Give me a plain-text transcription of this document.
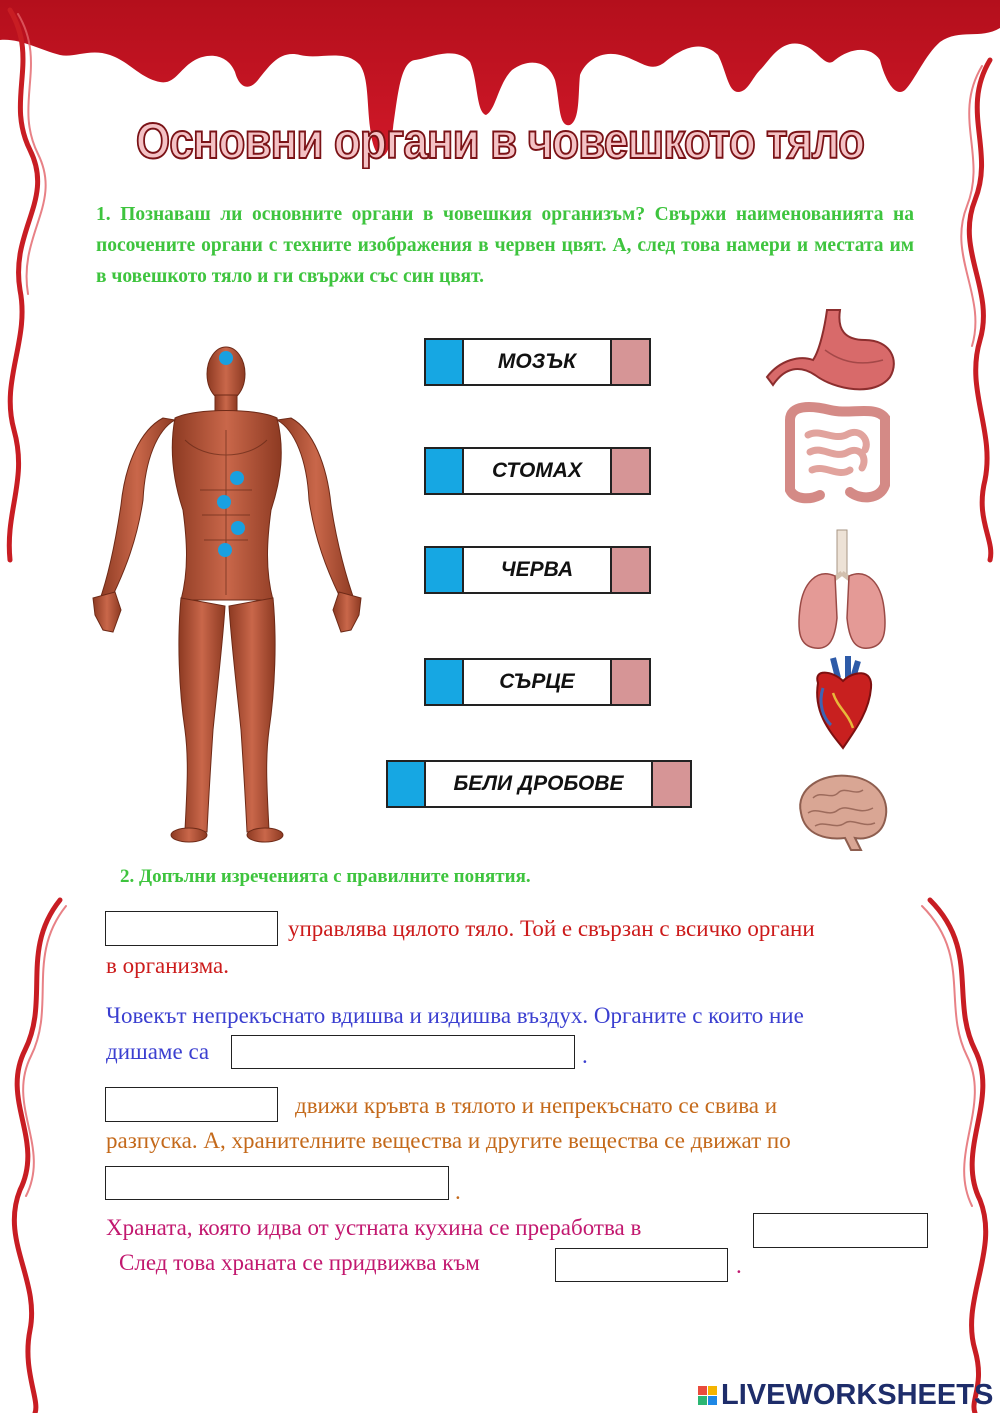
Основни органи в човешкото тяло
1. Познаваш ли основните органи в човешкия организъм? Свържи наименованията на посочените органи с техните изображения в червен цвят. А, след това намери и местата им в човешкото тяло и ги свържи със син цвят.
МОЗЪК
СТОМАХ
ЧЕРВА
СЪРЦЕ
БЕЛИ ДРОБОВЕ
2. Допълни изреченията с правилните понятия.
управлява цялото тяло. Той е свързан с всичко органи
в организма.
Човекът непрекъснато вдишва и издишва въздух. Органите с които ние
дишаме са	.
движи кръвта в тялото и непрекъснато се свива и
разпуска. А, хранителните вещества и другите вещества се движат по
.
Храната, която идва от устната кухина се преработва в
След това храната се придвижва към	.
LIVEWORKSHEETS
